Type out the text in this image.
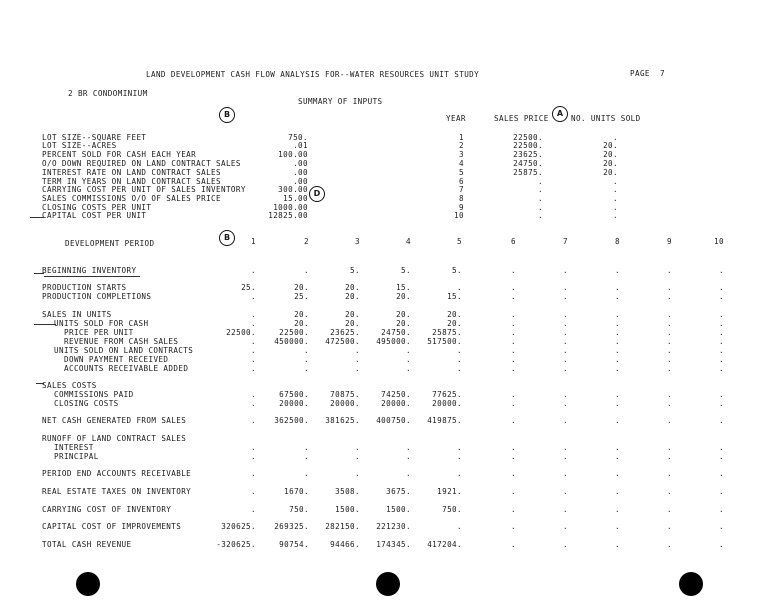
LAND DEVELOPMENT CASH FLOW ANALYSIS FOR--WATER RESOURCES UNIT STUDY	PAGE 7
2 BR CONDOMINIUM
SUMMARY OF INPUTS
B	A
D
B
YEAR	SALES PRICE	NO. UNITS SOLD
LOT SIZE--SQUARE FEET	750.
LOT SIZE--ACRES	.01
PERCENT SOLD FOR CASH EACH YEAR	100.00
O/O DOWN REQUIRED ON LAND CONTRACT SALES	.00
INTEREST RATE ON LAND CONTRACT SALES	.00
TERM IN YEARS ON LAND CONTRACT SALES	.00
CARRYING COST PER UNIT OF SALES INVENTORY	300.00
SALES COMMISSIONS O/O OF SALES PRICE	15.00
CLOSING COSTS PER UNIT	1000.00
CAPITAL COST PER UNIT	12825.00
1	22500.	.
2	22500.	20.
3	23625.	20.
4	24750.	20.
5	25875.	20.
6	.	.
7	.	.
8	.	.
9	.	.
10	.	.
DEVELOPMENT PERIOD	1	2	3	4	5	6	7	8	9	10
BEGINNING INVENTORY	.	.	5.	5.	5.	.	.	.	.	.
PRODUCTION STARTS	25.	20.	20.	15.	.	.	.	.	.	.
PRODUCTION COMPLETIONS	.	25.	20.	20.	15.	.	.	.	.	.
SALES IN UNITS	.	20.	20.	20.	20.	.	.	.	.	.
UNITS SOLD FOR CASH	.	20.	20.	20.	20.	.	.	.	.	.
PRICE PER UNIT	22500.	22500.	23625.	24750.	25875.	.	.	.	.	.
REVENUE FROM CASH SALES	.	450000.	472500.	495000.	517500.	.	.	.	.	.
UNITS SOLD ON LAND CONTRACTS	.	.	.	.	.	.	.	.	.	.
DOWN PAYMENT RECEIVED	.	.	.	.	.	.	.	.	.	.
ACCOUNTS RECEIVABLE ADDED	.	.	.	.	.	.	.	.	.	.
SALES COSTS
COMMISSIONS PAID	.	67500.	70875.	74250.	77625.	.	.	.	.	.
CLOSING COSTS	.	20000.	20000.	20000.	20000.	.	.	.	.	.
NET CASH GENERATED FROM SALES	.	362500.	381625.	400750.	419875.	.	.	.	.	.
RUNOFF OF LAND CONTRACT SALES
INTEREST	.	.	.	.	.	.	.	.	.	.
PRINCIPAL	.	.	.	.	.	.	.	.	.	.
PERIOD END ACCOUNTS RECEIVABLE	.	.	.	.	.	.	.	.	.	.
REAL ESTATE TAXES ON INVENTORY	.	1670.	3508.	3675.	1921.	.	.	.	.	.
CARRYING COST OF INVENTORY	.	750.	1500.	1500.	750.	.	.	.	.	.
CAPITAL COST OF IMPROVEMENTS	320625.	269325.	282150.	221230.	.	.	.	.	.	.
TOTAL CASH REVENUE	-320625.	90754.	94466.	174345.	417204.	.	.	.	.	.
